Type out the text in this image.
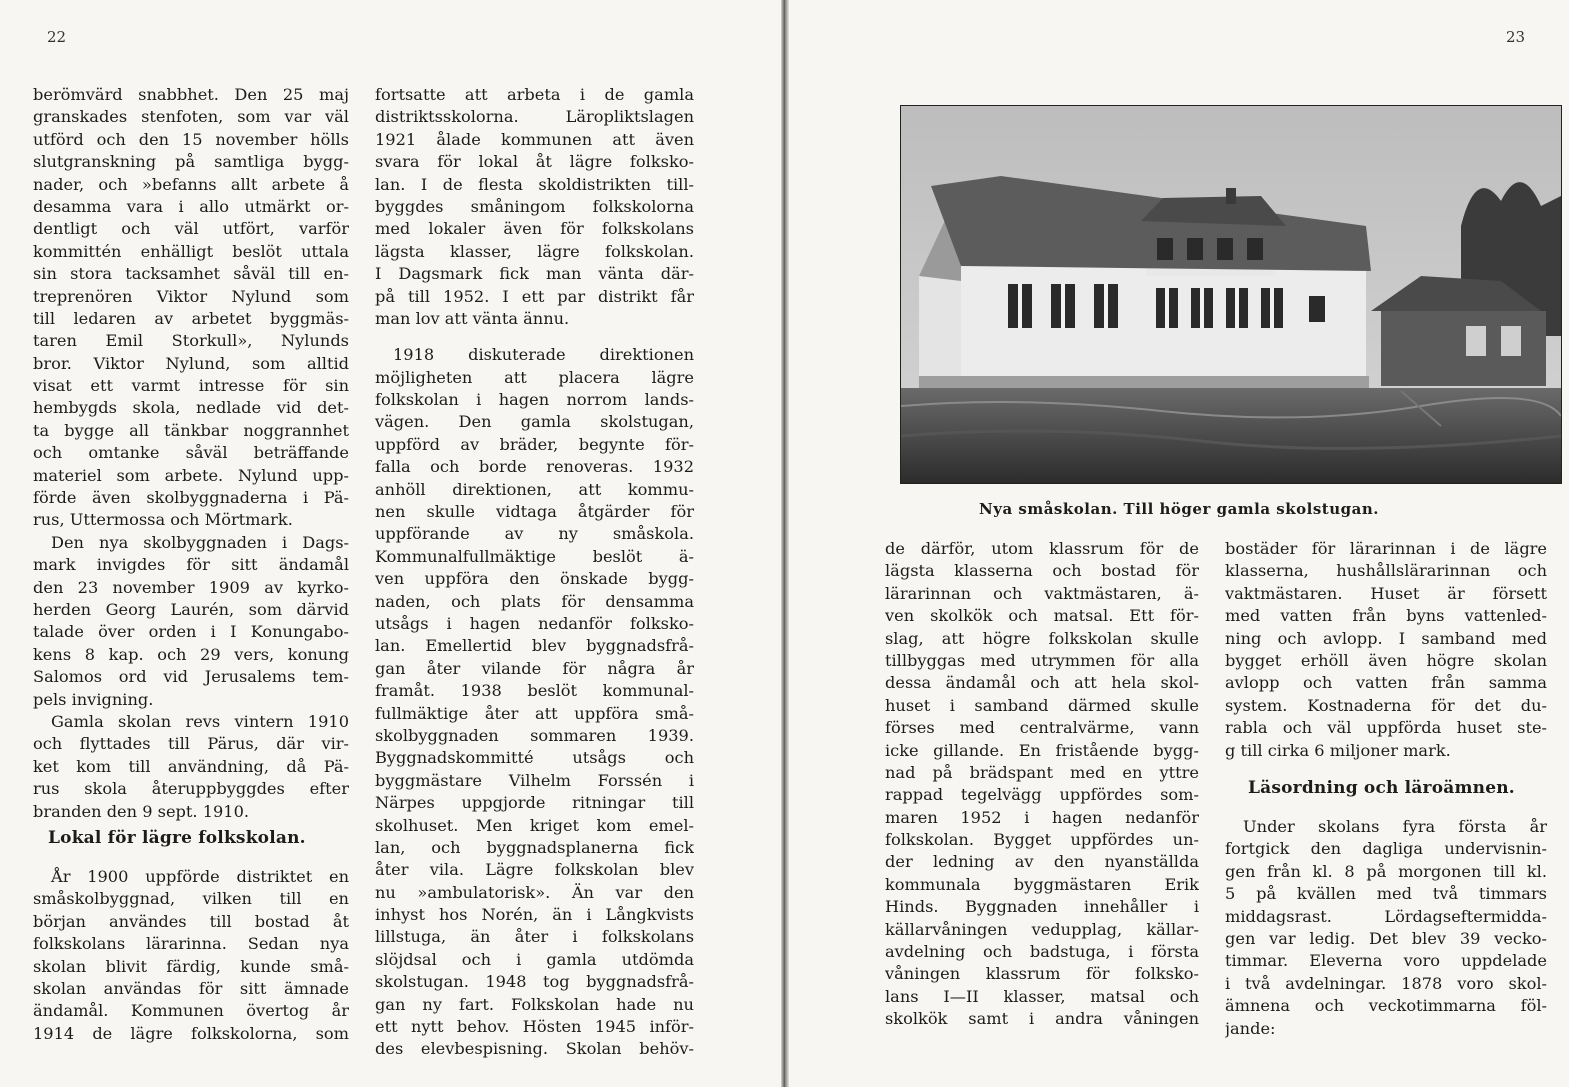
22
berömvärd snabbhet. Den 25 maj
granskades stenfoten, som var väl
utförd och den 15 november hölls
slutgranskning på samtliga bygg-
nader, och »befanns allt arbete å
desamma vara i allo utmärkt or-
dentligt och väl utfört, varför
kommittén enhälligt beslöt uttala
sin stora tacksamhet såväl till en-
treprenören Viktor Nylund som
till ledaren av arbetet byggmäs-
taren Emil Storkull», Nylunds
bror. Viktor Nylund, som alltid
visat ett varmt intresse för sin
hembygds skola, nedlade vid det-
ta bygge all tänkbar noggrannhet
och omtanke såväl beträffande
materiel som arbete. Nylund upp-
förde även skolbyggnaderna i Pä-
rus, Uttermossa och Mörtmark.
Den nya skolbyggnaden i Dags-
mark invigdes för sitt ändamål
den 23 november 1909 av kyrko-
herden Georg Laurén, som därvid
talade över orden i I Konungabo-
kens 8 kap. och 29 vers, konung
Salomos ord vid Jerusalems tem-
pels invigning.
Gamla skolan revs vintern 1910
och flyttades till Pärus, där vir-
ket kom till användning, då Pä-
rus skola återuppbyggdes efter
branden den 9 sept. 1910.
Lokal för lägre folkskolan.
År 1900 uppförde distriktet en
småskolbyggnad, vilken till en
början användes till bostad åt
folkskolans lärarinna. Sedan nya
skolan blivit färdig, kunde små-
skolan användas för sitt ämnade
ändamål. Kommunen övertog år
1914 de lägre folkskolorna, som
fortsatte att arbeta i de gamla
distriktsskolorna. Läropliktslagen
1921 ålade kommunen att även
svara för lokal åt lägre folksko-
lan. I de flesta skoldistrikten till-
byggdes småningom folkskolorna
med lokaler även för folkskolans
lägsta klasser, lägre folkskolan.
I Dagsmark fick man vänta där-
på till 1952. I ett par distrikt får
man lov att vänta ännu.
1918 diskuterade direktionen
möjligheten att placera lägre
folkskolan i hagen norrom lands-
vägen. Den gamla skolstugan,
uppförd av bräder, begynte för-
falla och borde renoveras. 1932
anhöll direktionen, att kommu-
nen skulle vidtaga åtgärder för
uppförande av ny småskola.
Kommunalfullmäktige beslöt ä-
ven uppföra den önskade bygg-
naden, och plats för densamma
utsågs i hagen nedanför folksko-
lan. Emellertid blev byggnadsfrå-
gan åter vilande för några år
framåt. 1938 beslöt kommunal-
fullmäktige åter att uppföra små-
skolbyggnaden sommaren 1939.
Byggnadskommitté utsågs och
byggmästare Vilhelm Forssén i
Närpes uppgjorde ritningar till
skolhuset. Men kriget kom emel-
lan, och byggnadsplanerna fick
åter vila. Lägre folkskolan blev
nu »ambulatorisk». Än var den
inhyst hos Norén, än i Långkvists
lillstuga, än åter i folkskolans
slöjdsal och i gamla utdömda
skolstugan. 1948 tog byggnadsfrå-
gan ny fart. Folkskolan hade nu
ett nytt behov. Hösten 1945 inför-
des elevbespisning. Skolan behöv-
23
Nya småskolan. Till höger gamla skolstugan.
de därför, utom klassrum för de
lägsta klasserna och bostad för
lärarinnan och vaktmästaren, ä-
ven skolkök och matsal. Ett för-
slag, att högre folkskolan skulle
tillbyggas med utrymmen för alla
dessa ändamål och att hela skol-
huset i samband därmed skulle
förses med centralvärme, vann
icke gillande. En fristående bygg-
nad på brädspant med en yttre
rappad tegelvägg uppfördes som-
maren 1952 i hagen nedanför
folkskolan. Bygget uppfördes un-
der ledning av den nyanställda
kommunala byggmästaren Erik
Hinds. Byggnaden innehåller i
källarvåningen vedupplag, källar-
avdelning och badstuga, i första
våningen klassrum för folksko-
lans I—II klasser, matsal och
skolkök samt i andra våningen
bostäder för lärarinnan i de lägre
klasserna, hushållslärarinnan och
vaktmästaren. Huset är försett
med vatten från byns vattenled-
ning och avlopp. I samband med
bygget erhöll även högre skolan
avlopp och vatten från samma
system. Kostnaderna för det du-
rabla och väl uppförda huset ste-
g till cirka 6 miljoner mark.
Läsordning och läroämnen.
Under skolans fyra första år
fortgick den dagliga undervisnin-
gen från kl. 8 på morgonen till kl.
5 på kvällen med två timmars
middagsrast. Lördagseftermidda-
gen var ledig. Det blev 39 vecko-
timmar. Eleverna voro uppdelade
i två avdelningar. 1878 voro skol-
ämnena och veckotimmarna föl-
jande:
